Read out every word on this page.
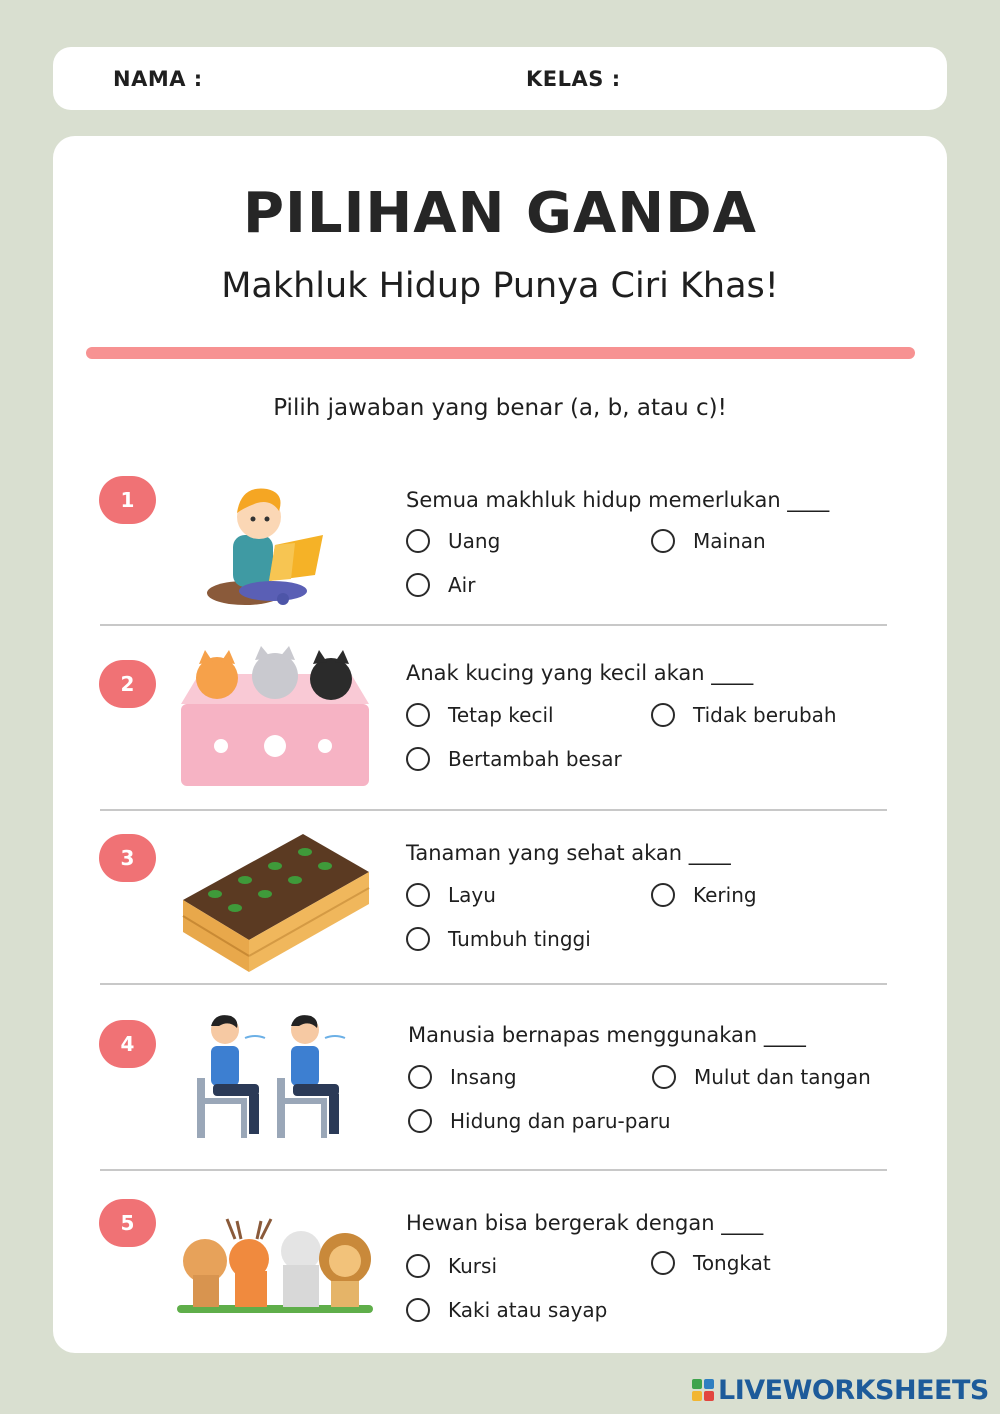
NAMA :	KELAS :
PILIHAN GANDA
Makhluk Hidup Punya Ciri Khas!
Pilih jawaban yang benar (a, b, atau c)!
1	Semua makhluk hidup memerlukan ____
Uang	Mainan
Air
2	Anak kucing yang kecil akan ____
Tetap kecil	Tidak berubah
Bertambah besar
3	Tanaman yang sehat akan ____
Layu	Kering
Tumbuh tinggi
4	Manusia bernapas menggunakan ____
Insang	Mulut dan tangan
Hidung dan paru-paru
5	Hewan bisa bergerak dengan ____
Kursi	Tongkat
Kaki atau sayap
LIVEWORKSHEETS
